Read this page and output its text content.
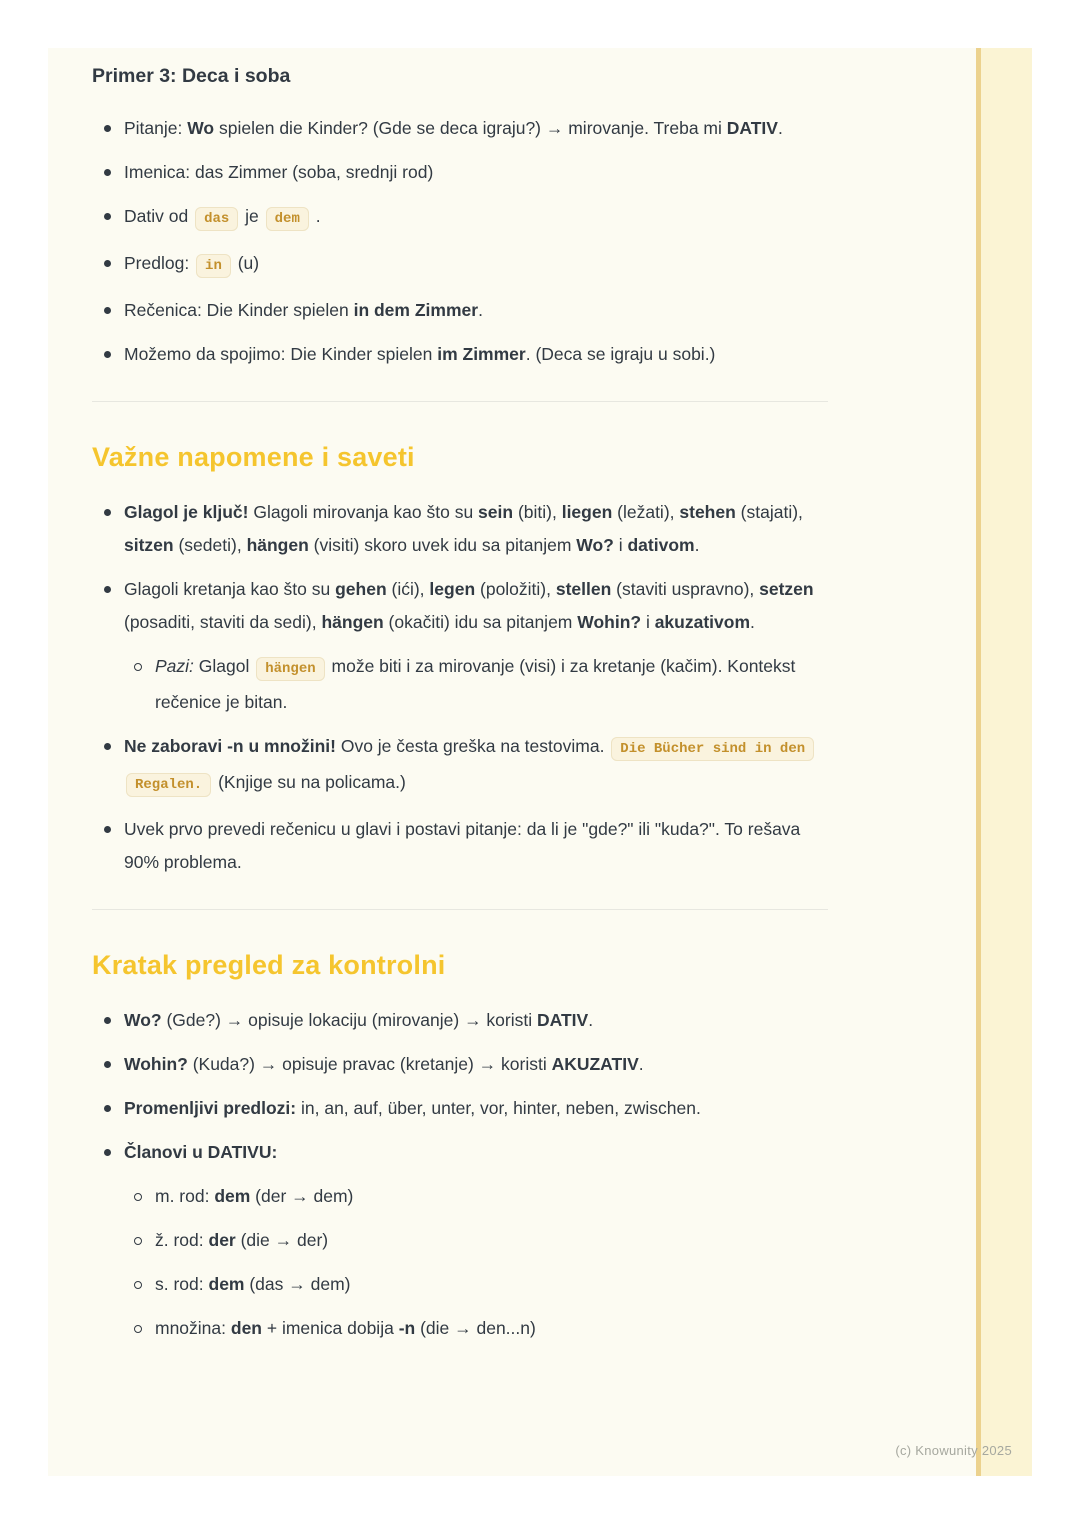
Primer 3: Deca i soba
Pitanje: Wo spielen die Kinder? (Gde se deca igraju?) → mirovanje. Treba mi DATIV.
Imenica: das Zimmer (soba, srednji rod)
Dativ od das je dem .
Predlog: in (u)
Rečenica: Die Kinder spielen in dem Zimmer.
Možemo da spojimo: Die Kinder spielen im Zimmer. (Deca se igraju u sobi.)
Važne napomene i saveti
Glagol je ključ! Glagoli mirovanja kao što su sein (biti), liegen (ležati), stehen (stajati), sitzen (sedeti), hängen (visiti) skoro uvek idu sa pitanjem Wo? i dativom.
Glagoli kretanja kao što su gehen (ići), legen (položiti), stellen (staviti uspravno), setzen (posaditi, staviti da sedi), hängen (okačiti) idu sa pitanjem Wohin? i akuzativom.
Pazi: Glagol hängen može biti i za mirovanje (visi) i za kretanje (kačim). Kontekst rečenice je bitan.
Ne zaboravi -n u množini! Ovo je česta greška na testovima. Die Bücher sind in den Regalen. (Knjige su na policama.)
Uvek prvo prevedi rečenicu u glavi i postavi pitanje: da li je "gde?" ili "kuda?". To rešava 90% problema.
Kratak pregled za kontrolni
Wo? (Gde?) → opisuje lokaciju (mirovanje) → koristi DATIV.
Wohin? (Kuda?) → opisuje pravac (kretanje) → koristi AKUZATIV.
Promenljivi predlozi: in, an, auf, über, unter, vor, hinter, neben, zwischen.
Članovi u DATIVU:
m. rod: dem (der → dem)
ž. rod: der (die → der)
s. rod: dem (das → dem)
množina: den + imenica dobija -n (die → den...n)
(c) Knowunity 2025
